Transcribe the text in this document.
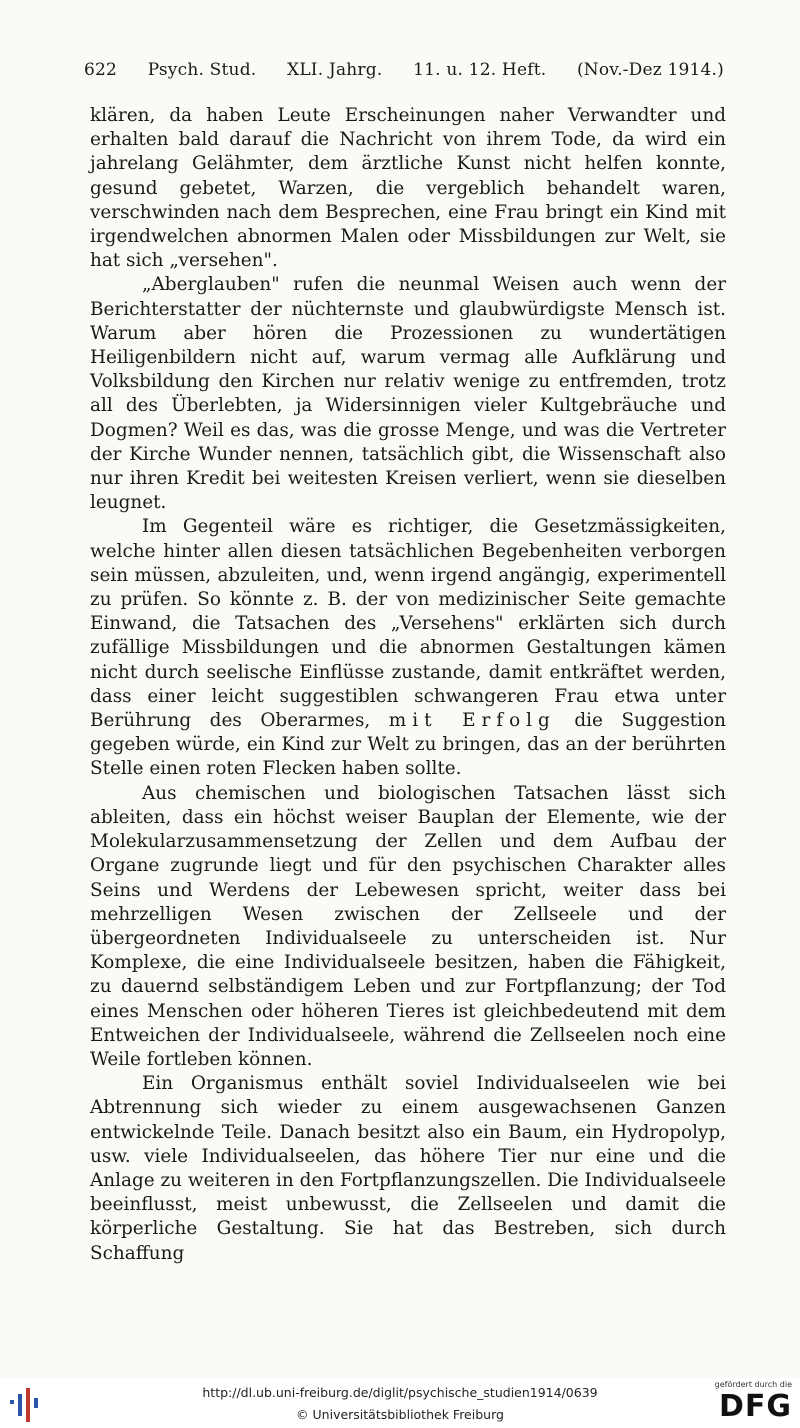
622 Psych. Stud. XLI. Jahrg. 11. u. 12. Heft. (Nov.-Dez 1914.)

klären, da haben Leute Erscheinungen naher Verwandter und erhalten bald darauf die Nachricht von ihrem Tode, da wird ein jahrelang Gelähmter, dem ärztliche Kunst nicht helfen konnte, gesund gebetet, Warzen, die vergeblich behandelt waren, verschwinden nach dem Besprechen, eine Frau bringt ein Kind mit irgendwelchen abnormen Malen oder Missbildungen zur Welt, sie hat sich „versehen".

„Aberglauben" rufen die neunmal Weisen auch wenn der Berichterstatter der nüchternste und glaubwürdigste Mensch ist. Warum aber hören die Prozessionen zu wundertätigen Heiligenbildern nicht auf, warum vermag alle Aufklärung und Volksbildung den Kirchen nur relativ wenige zu entfremden, trotz all des Überlebten, ja Widersinnigen vieler Kultgebräuche und Dogmen? Weil es das, was die grosse Menge, und was die Vertreter der Kirche Wunder nennen, tatsächlich gibt, die Wissenschaft also nur ihren Kredit bei weitesten Kreisen verliert, wenn sie dieselben leugnet.

Im Gegenteil wäre es richtiger, die Gesetzmässigkeiten, welche hinter allen diesen tatsächlichen Begebenheiten verborgen sein müssen, abzuleiten, und, wenn irgend angängig, experimentell zu prüfen. So könnte z. B. der von medizinischer Seite gemachte Einwand, die Tatsachen des „Versehens" erklärten sich durch zufällige Missbildungen und die abnormen Gestaltungen kämen nicht durch seelische Einflüsse zustande, damit entkräftet werden, dass einer leicht suggestiblen schwangeren Frau etwa unter Berührung des Oberarmes, mit Erfolg die Suggestion gegeben würde, ein Kind zur Welt zu bringen, das an der berührten Stelle einen roten Flecken haben sollte.

Aus chemischen und biologischen Tatsachen lässt sich ableiten, dass ein höchst weiser Bauplan der Elemente, wie der Molekularzusammensetzung der Zellen und dem Aufbau der Organe zugrunde liegt und für den psychischen Charakter alles Seins und Werdens der Lebewesen spricht, weiter dass bei mehrzelligen Wesen zwischen der Zellseele und der übergeordneten Individualseele zu unterscheiden ist. Nur Komplexe, die eine Individualseele besitzen, haben die Fähigkeit, zu dauernd selbständigem Leben und zur Fortpflanzung; der Tod eines Menschen oder höheren Tieres ist gleichbedeutend mit dem Entweichen der Individualseele, während die Zellseelen noch eine Weile fortleben können.

Ein Organismus enthält soviel Individualseelen wie bei Abtrennung sich wieder zu einem ausgewachsenen Ganzen entwickelnde Teile. Danach besitzt also ein Baum, ein Hydropolyp, usw. viele Individualseelen, das höhere Tier nur eine und die Anlage zu weiteren in den Fortpflanzungszellen. Die Individualseele beeinflusst, meist unbewusst, die Zellseelen und damit die körperliche Gestaltung. Sie hat das Bestreben, sich durch Schaffung

http://dl.ub.uni-freiburg.de/diglit/psychische_studien1914/0639
© Universitätsbibliothek Freiburg
gefördert durch die
DFG
